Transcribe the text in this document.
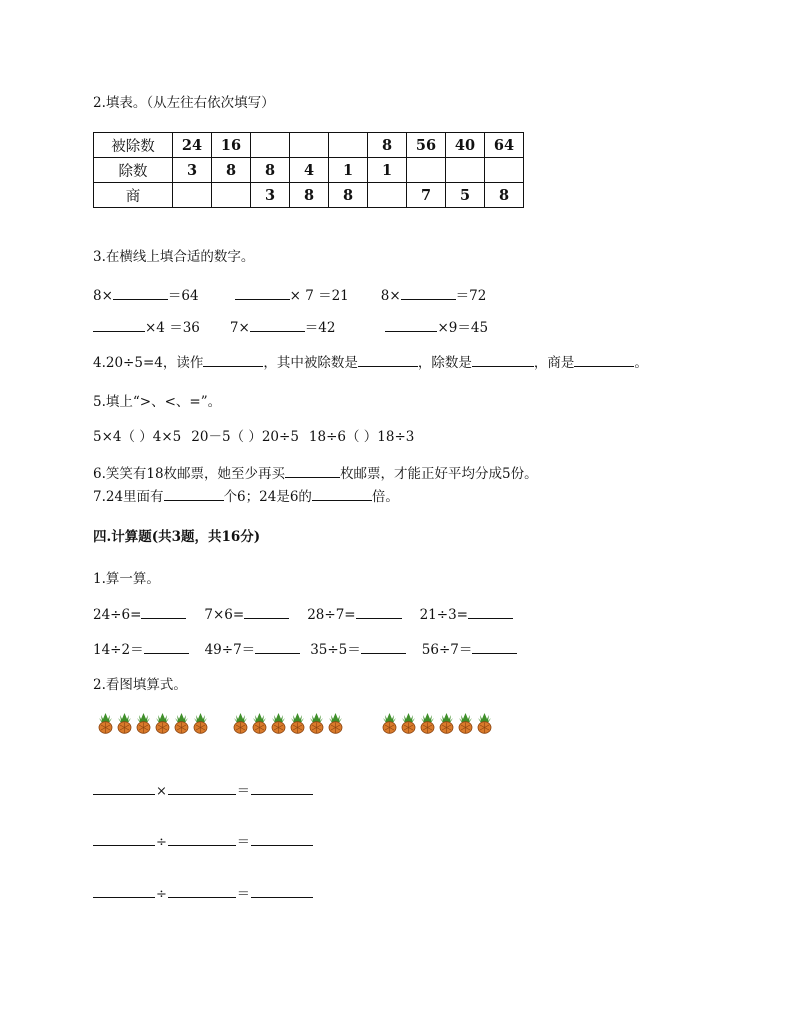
2.填表。（从左往右依次填写）
被除数	24	16				8	56	40	64
除数	3	8	8	4	1	1			
商			3	8	8		7	5	8
3.在横线上填合适的数字。
8×	＝64	× 7 ＝21 8×	＝72
×4 ＝36 7×	＝42	×9＝45
4.20÷5=4，读作	，其中被除数是	，除数是	，商是	。
5.填上“>、<、=”。
5×4（ ）4×5 20－5（ ）20÷5 18÷6（ ）18÷3
6.笑笑有18枚邮票，她至少再买	枚邮票，才能正好平均分成5份。
7.24里面有	个6；24是6的	倍。
四.计算题(共3题，共16分)
1.算一算。
24÷6=	7×6=	28÷7=	21÷3=
14÷2＝	49÷7＝	35÷5＝	56÷7＝
2.看图填算式。
×	＝
÷	＝
÷	＝
